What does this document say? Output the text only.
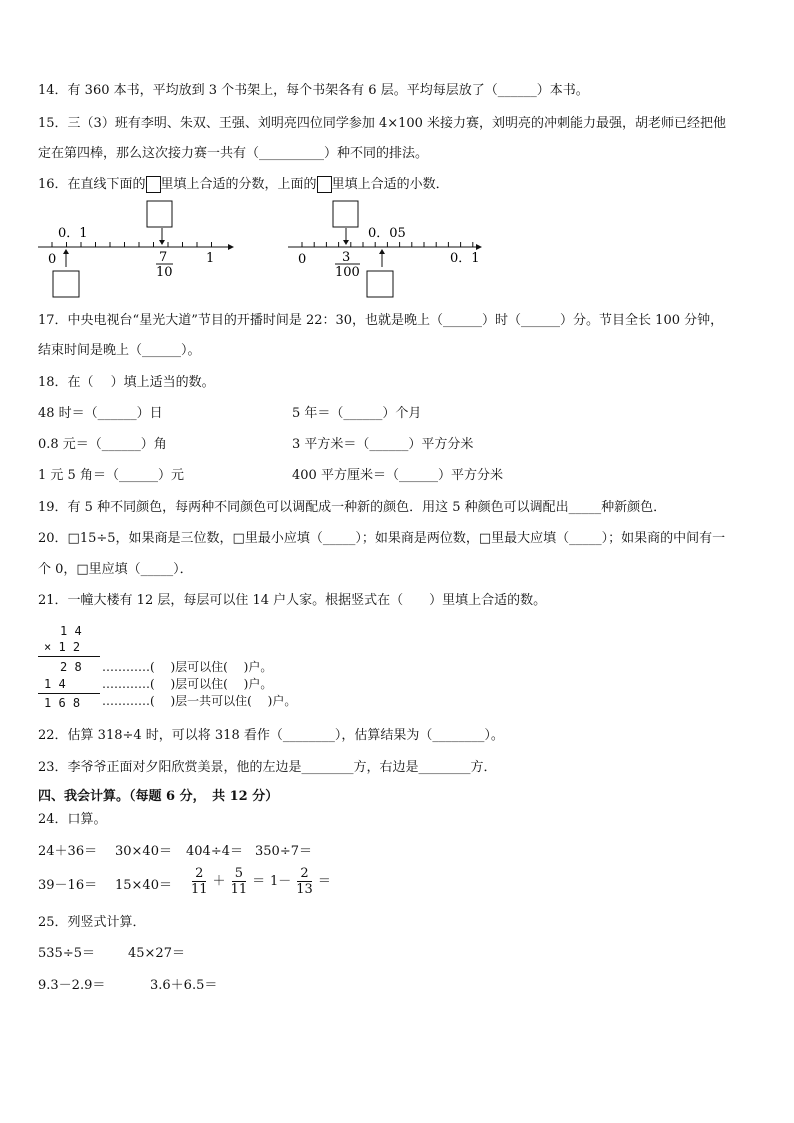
14．有 360 本书，平均放到 3 个书架上，每个书架各有 6 层。平均每层放了（______）本书。
15．三（3）班有李明、朱双、王强、刘明亮四位同学参加 4×100 米接力赛，刘明亮的冲刺能力最强，胡老师已经把他
定在第四棒，那么这次接力赛一共有（__________）种不同的排法。
16．在直线下面的 里填上合适的分数，上面的 里填上合适的小数．
0．1
0	7
10
1
0．05
0	3
100
0．1
17．中央电视台“星光大道”节目的开播时间是 22：30，也就是晚上（______）时（______）分。节目全长 100 分钟，
结束时间是晚上（______）。
18．在（　 ）填上适当的数。
48 时＝（______）日	5 年＝（______）个月
0.8 元＝（______）角	3 平方米＝（______）平方分米
1 元 5 角＝（______）元	400 平方厘米＝（______）平方分米
19．有 5 种不同颜色，每两种不同颜色可以调配成一种新的颜色．用这 5 种颜色可以调配出_____种新颜色．
20．□15÷5，如果商是三位数，□里最小应填（_____）；如果商是两位数，□里最大应填（_____）；如果商的中间有一
个 0，□里应填（_____）．
21．一幢大楼有 12 层，每层可以住 14 户人家。根据竖式在（　　）里填上合适的数。
1 4
× 1 2
2 8
1 4
1 6 8
…………(　 )层可以住(　 )户。
…………(　 )层可以住(　 )户。
…………(　 )层一共可以住(　 )户。
22．估算 318÷4 时，可以将 318 看作（________），估算结果为（________）。
23．李爷爷正面对夕阳欣赏美景，他的左边是________方，右边是________方．
四、我会计算。（每题 6 分，　共 12 分）
24．口算。
24＋36＝ 30×40＝ 404÷4＝ 350÷7＝
$39-16= 15\times 40= \frac{2}{11} + \frac{5}{11} = 1- \frac{2}{13}$ ＝
25．列竖式计算．
535÷5＝	45×27＝
9.3－2.9＝	3.6＋6.5＝
